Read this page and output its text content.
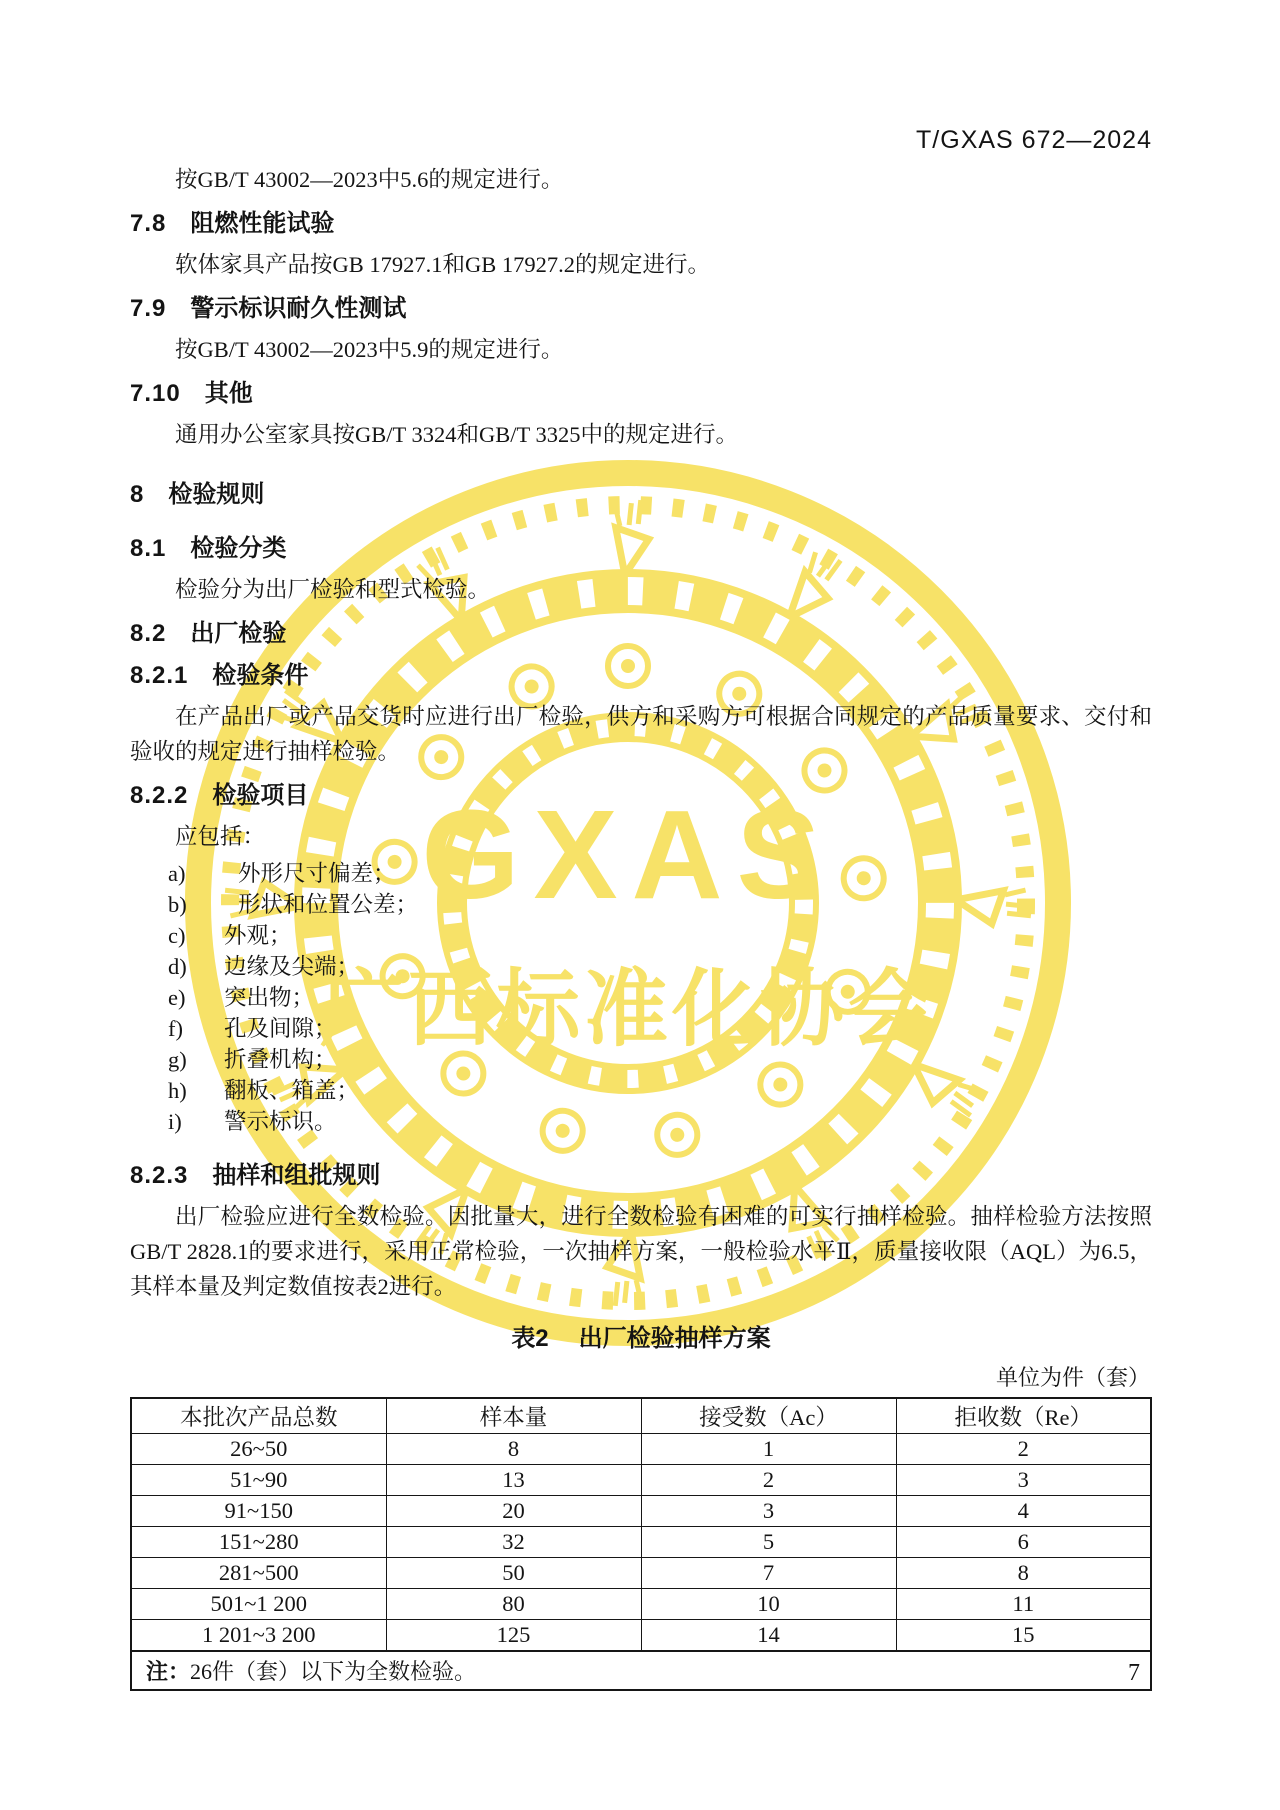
GXAS
广西标准化协会
T/GXAS 672—2024

按GB/T 43002—2023中5.6的规定进行。

7.8 阻燃性能试验

软体家具产品按GB 17927.1和GB 17927.2的规定进行。

7.9 警示标识耐久性测试

按GB/T 43002—2023中5.9的规定进行。

7.10 其他

通用办公室家具按GB/T 3324和GB/T 3325中的规定进行。

8 检验规则
8.1 检验分类

检验分为出厂检验和型式检验。

8.2 出厂检验
8.2.1 检验条件

在产品出厂或产品交货时应进行出厂检验，供方和采购方可根据合同规定的产品质量要求、交付和验收的规定进行抽样检验。

8.2.2 检验项目

应包括：

a)	外形尺寸偏差；
b)	形状和位置公差；
c)	外观；
d)	边缘及尖端；
e)	突出物；
f)	孔及间隙；
g)	折叠机构；
h)	翻板、箱盖；
i)	警示标识。
8.2.3 抽样和组批规则

出厂检验应进行全数检验。因批量大，进行全数检验有困难的可实行抽样检验。抽样检验方法按照GB/T 2828.1的要求进行，采用正常检验，一次抽样方案，一般检验水平Ⅱ，质量接收限（AQL）为6.5，其样本量及判定数值按表2进行。

表2 出厂检验抽样方案
单位为件（套）
本批次产品总数	样本量	接受数（Ac）	拒收数（Re）
26~50	8	1	2
51~90	13	2	3
91~150	20	3	4
151~280	32	5	6
281~500	50	7	8
501~1 200	80	10	11
1 201~3 200	125	14	15
注：26件（套）以下为全数检验。				7
